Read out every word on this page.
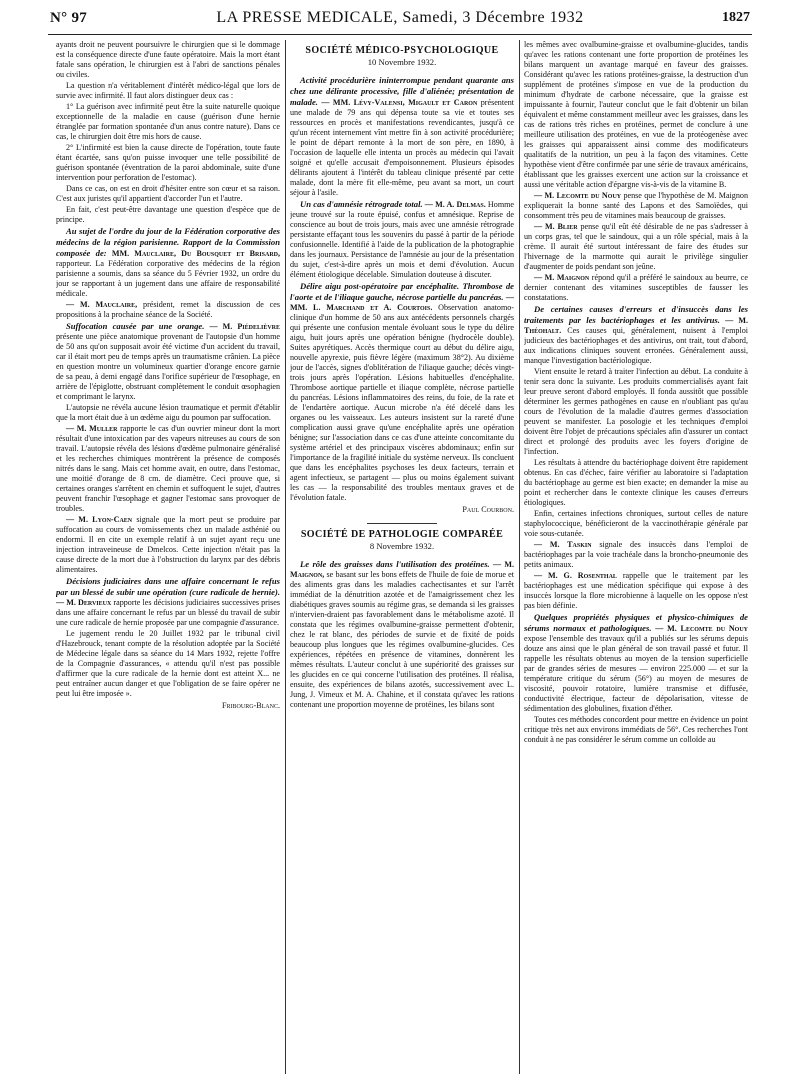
N° 97	LA PRESSE MEDICALE, Samedi, 3 Décembre 1932	1827

ayants droit ne peuvent poursuivre le chirurgien que si le dommage est la conséquence directe d'une faute opératoire. Mais la mort étant fatale sans opération, le chirurgien est à l'abri de sanctions pénales ou civiles.

La question n'a véritablement d'intérêt médico-légal que lors de survie avec infirmité. Il faut alors distinguer deux cas :

1° La guérison avec infirmité peut être la suite naturelle quoique exceptionnelle de la maladie en cause (guérison d'une hernie étranglée par formation spontanée d'un anus contre nature). Dans ce cas, le chirurgien doit être mis hors de cause.

2° L'infirmité est bien la cause directe de l'opération, toute faute étant écartée, sans qu'on puisse invoquer une telle possibilité de guérison spontanée (éventration de la paroi abdominale, suite d'une intervention pour perforation de l'estomac).

Dans ce cas, on est en droit d'hésiter entre son cœur et sa raison. C'est aux juristes qu'il appartient d'accorder l'un et l'autre.

En fait, c'est peut-être davantage une question d'espèce que de principe.

Au sujet de l'ordre du jour de la Fédération corporative des médecins de la région parisienne. Rapport de la Commission composée de: MM. Mauclaire, Du Bousquet et Brisard, rapporteur. La Fédération corporative des médecins de la région parisienne a soumis, dans sa séance du 5 Février 1932, un ordre du jour se rapportant à un jugement dans une affaire de responsabilité médicale.

— M. Mauclaire, président, remet la discussion de ces propositions à la prochaine séance de la Société.

Suffocation causée par une orange. — M. Piédelièvre présente une pièce anatomique provenant de l'autopsie d'un homme de 50 ans qu'on supposait avoir été victime d'un accident du travail, car il était mort peu de temps après un traumatisme crânien. La pièce en question montre un volumineux quartier d'orange encore garnie de sa peau, à demi engagé dans l'orifice supérieur de l'œsophage, en arrière de l'épiglotte, obstruant complètement le conduit œsophagien et comprimant le larynx.

L'autopsie ne révéla aucune lésion traumatique et permit d'établir que la mort était due à un œdème aigu du poumon par suffocation.

— M. Muller rapporte le cas d'un ouvrier mineur dont la mort résultait d'une intoxication par des vapeurs nitreuses au cours de son travail. L'autopsie révéla des lésions d'œdème pulmonaire généralisé et les recherches chimiques montrèrent la présence de composés nitrés dans le sang. Mais cet homme avait, en outre, dans l'estomac, une moitié d'orange de 8 cm. de diamètre. Ceci prouve que, si certaines oranges s'arrêtent en chemin et suffoquent le sujet, d'autres peuvent franchir l'œsophage et gagner l'estomac sans provoquer de troubles.

— M. Lyon-Caen signale que la mort peut se produire par suffocation au cours de vomissements chez un malade asthénié ou endormi. Il en cite un exemple relatif à un sujet ayant reçu une injection intraveineuse de Dmelcos. Cette injection n'était pas la cause directe de la mort due à l'obstruction du larynx par des débris alimentaires.

Décisions judiciaires dans une affaire concernant le refus par un blessé de subir une opération (cure radicale de hernie). — M. Dervieux rapporte les décisions judiciaires successives prises dans une affaire concernant le refus par un blessé du travail de subir une cure radicale de hernie proposée par une compagnie d'assurance.

Le jugement rendu le 20 Juillet 1932 par le tribunal civil d'Hazebrouck, tenant compte de la résolution adoptée par la Société de Médecine légale dans sa séance du 14 Mars 1932, rejette l'offre de la Compagnie d'assurances, « attendu qu'il n'est pas possible d'affirmer que la cure radicale de la hernie dont est atteint X... ne peut entraîner aucun danger et que l'obligation de se faire opérer ne peut lui être imposée ».

Fribourg-Blanc.

SOCIÉTÉ MÉDICO-PSYCHOLOGIQUE

10 Novembre 1932.

Activité procédurière ininterrompue pendant quarante ans chez une délirante processive, fille d'aliénée; présentation de malade. — MM. Lévy-Valensi, Migault et Caron présentent une malade de 79 ans qui dépensa toute sa vie et toutes ses ressources en procès et manifestations revendicantes, jusqu'à ce qu'un récent internement vînt mettre fin à son activité procédurière; le point de départ remonte à la mort de son père, en 1890, à l'occasion de laquelle elle intenta un procès au médecin qui l'avait soigné et qu'elle accusait d'empoisonnement. Plusieurs épisodes délirants ajoutent à l'intérêt du tableau clinique présenté par cette malade, dont la mère fit elle-même, peu avant sa mort, un court séjour à l'asile.

Un cas d'amnésie rétrograde total. — M. A. Delmas. Homme jeune trouvé sur la route épuisé, confus et amnésique. Reprise de conscience au bout de trois jours, mais avec une amnésie rétrograde persistante effaçant tous les souvenirs du passé à partir de la période confusionnelle. Identifié à l'aide de la publication de la photographie dans les journaux. Persistance de l'amnésie au jour de la présentation du sujet, c'est-à-dire après un mois et demi d'évolution. Aucun élément étiologique décelable. Simulation douteuse à discuter.

Délire aigu post-opératoire par encéphalite. Thrombose de l'aorte et de l'iliaque gauche, nécrose partielle du pancréas. — MM. L. Marchand et A. Courtois. Observation anatomo-clinique d'un homme de 50 ans aux antécédents personnels chargés qui présente une confusion mentale évoluant sous le type du délire aigu, huit jours après une opération bénigne (hydrocèle double). Suites apyrétiques. Accès thermique court au début du délire aigu, nouvelle apyrexie, puis fièvre légère (maximum 38°2). Au dixième jour de l'accès, signes d'oblitération de l'iliaque gauche; décès vingt-trois jours après l'opération. Lésions habituelles d'encéphalite. Thrombose aortique partielle et iliaque complète, nécrose partielle du pancréas. Lésions inflammatoires des reins, du foie, de la rate et de l'endartère aortique. Aucun microbe n'a été décelé dans les organes ou les vaisseaux. Les auteurs insistent sur la rareté d'une complication aussi grave qu'une encéphalite après une opération bénigne; sur l'association dans ce cas d'une atteinte concomitante du système artériel et des principaux viscères abdominaux; enfin sur l'importance de la fragilité initiale du système nerveux. Ils concluent que dans les encéphalites psychoses les deux facteurs, terrain et agent infectieux, se partagent — plus ou moins également suivant les cas — la responsabilité des troubles mentaux graves et de l'évolution fatale.

Paul Courbon.

SOCIÉTÉ DE PATHOLOGIE COMPARÉE

8 Novembre 1932.

Le rôle des graisses dans l'utilisation des protéines. — M. Maignon, se basant sur les bons effets de l'huile de foie de morue et des aliments gras dans les maladies cachectisantes et sur l'arrêt immédiat de la dénutrition azotée et de l'amaigrissement chez les diabétiques graves soumis au régime gras, se demanda si les graisses n'intervien-draient pas favorablement dans le métabolisme azoté. Il constata que les régimes ovalbumine-graisse permettent d'obtenir, chez le rat blanc, des périodes de survie et de fixité de poids beaucoup plus longues que les régimes ovalbumine-glucides. Ces expériences, répétées en présence de vitamines, donnèrent les mêmes résultats. L'auteur conclut à une supériorité des graisses sur les glucides en ce qui concerne l'utilisation des protéines. Il réalisa, ensuite, des expériences de bilans azotés, successivement avec L. Jung, J. Vimeux et M. A. Chahine, et il constata qu'avec les rations contenant une proportion moyenne de protéines, les bilans sont

les mêmes avec ovalbumine-graisse et ovalbumine-glucides, tandis qu'avec les rations contenant une forte proportion de protéines les bilans marquent un avantage marqué en faveur des graisses. Considérant qu'avec les rations protéines-graisse, la destruction d'un supplément de protéines s'impose en vue de la production du minimum d'hydrate de carbone nécessaire, que la graisse est impuissante à fournir, l'auteur conclut que le fait d'obtenir un bilan équivalent et même constamment meilleur avec les graisses, dans les cas de rations très riches en protéines, permet de conclure à une meilleure utilisation des protéines, en vue de la protéogenèse avec les graisses qui apparaissent ainsi comme des modificateurs qualitatifs de la nutrition, un peu à la façon des vitamines. Cette hypothèse vient d'être confirmée par une série de travaux américains, établissant que les graisses exercent une action sur la croissance et aussi une véritable action d'épargne vis-à-vis de la vitamine B.

— M. Lecomte du Nouy pense que l'hypothèse de M. Maignon expliquerait la bonne santé des Lapons et des Samoïèdes, qui consomment très peu de vitamines mais beaucoup de graisses.

— M. Blier pense qu'il eût été désirable de ne pas s'adresser à un corps gras, tel que le saindoux, qui a un rôle spécial, mais à la crème. Il aurait été surtout intéressant de faire des études sur l'hivernage de la marmotte qui aurait le privilège singulier d'augmenter de poids pendant son jeûne.

— M. Maignon répond qu'il a préféré le saindoux au beurre, ce dernier contenant des vitamines susceptibles de fausser les constatations.

De certaines causes d'erreurs et d'insuccès dans les traitements par les bactériophages et les antivirus. — M. Théohalt. Ces causes qui, généralement, nuisent à l'emploi judicieux des bactériophages et des antivirus, ont trait, tout d'abord, aux indications cliniques souvent erronées. Généralement aussi, manque l'investigation bactériologique.

Vient ensuite le retard à traiter l'infection au début. La conduite à tenir sera donc la suivante. Les produits commercialisés ayant fait leur preuve seront d'abord employés. Il fonda aussitôt que possible déterminer les germes pathogènes en cause en n'oubliant pas qu'au cours de l'évolution de la maladie d'autres germes d'association peuvent se manifester. La posologie et les techniques d'emploi doivent être l'objet de précautions spéciales afin d'assurer un contact direct et prolongé des produits avec les foyers d'origine de l'infection.

Les résultats à attendre du bactériophage doivent être rapidement obtenus. En cas d'échec, faire vérifier au laboratoire si l'adaptation du bactériophage au germe est bien exacte; en demander la mise au point et rechercher dans le contexte clinique les causes d'erreurs étiologiques.

Enfin, certaines infections chroniques, surtout celles de nature staphylococcique, bénéficieront de la vaccinothérapie générale par voie sous-cutanée.

— M. Taskin signale des insuccès dans l'emploi de bactériophages par la voie trachéale dans la broncho-pneumonie des petits animaux.

— M. G. Rosenthal rappelle que le traitement par les bactériophages est une médication spécifique qui expose à des insuccès lorsque la flore microbienne à laquelle on les oppose n'est pas bien définie.

Quelques propriétés physiques et physico-chimiques de sérums normaux et pathologiques. — M. Lecomte du Nouy expose l'ensemble des travaux qu'il a publiés sur les sérums depuis douze ans ainsi que le plan général de son travail passé et futur. Il rappelle les résultats obtenus au moyen de la tension superficielle par de grandes séries de mesures — environ 225.000 — et sur la température critique du sérum (56°) au moyen de mesures de viscosité, pouvoir rotatoire, lumière transmise et diffusée, conductivité électrique, facteur de dépolarisation, vitesse de sédimentation des globulines, fixation d'éther.

Toutes ces méthodes concordent pour mettre en évidence un point critique très net aux environs immédiats de 56°. Ces recherches l'ont conduit à ne pas considérer le sérum comme un colloïde au
